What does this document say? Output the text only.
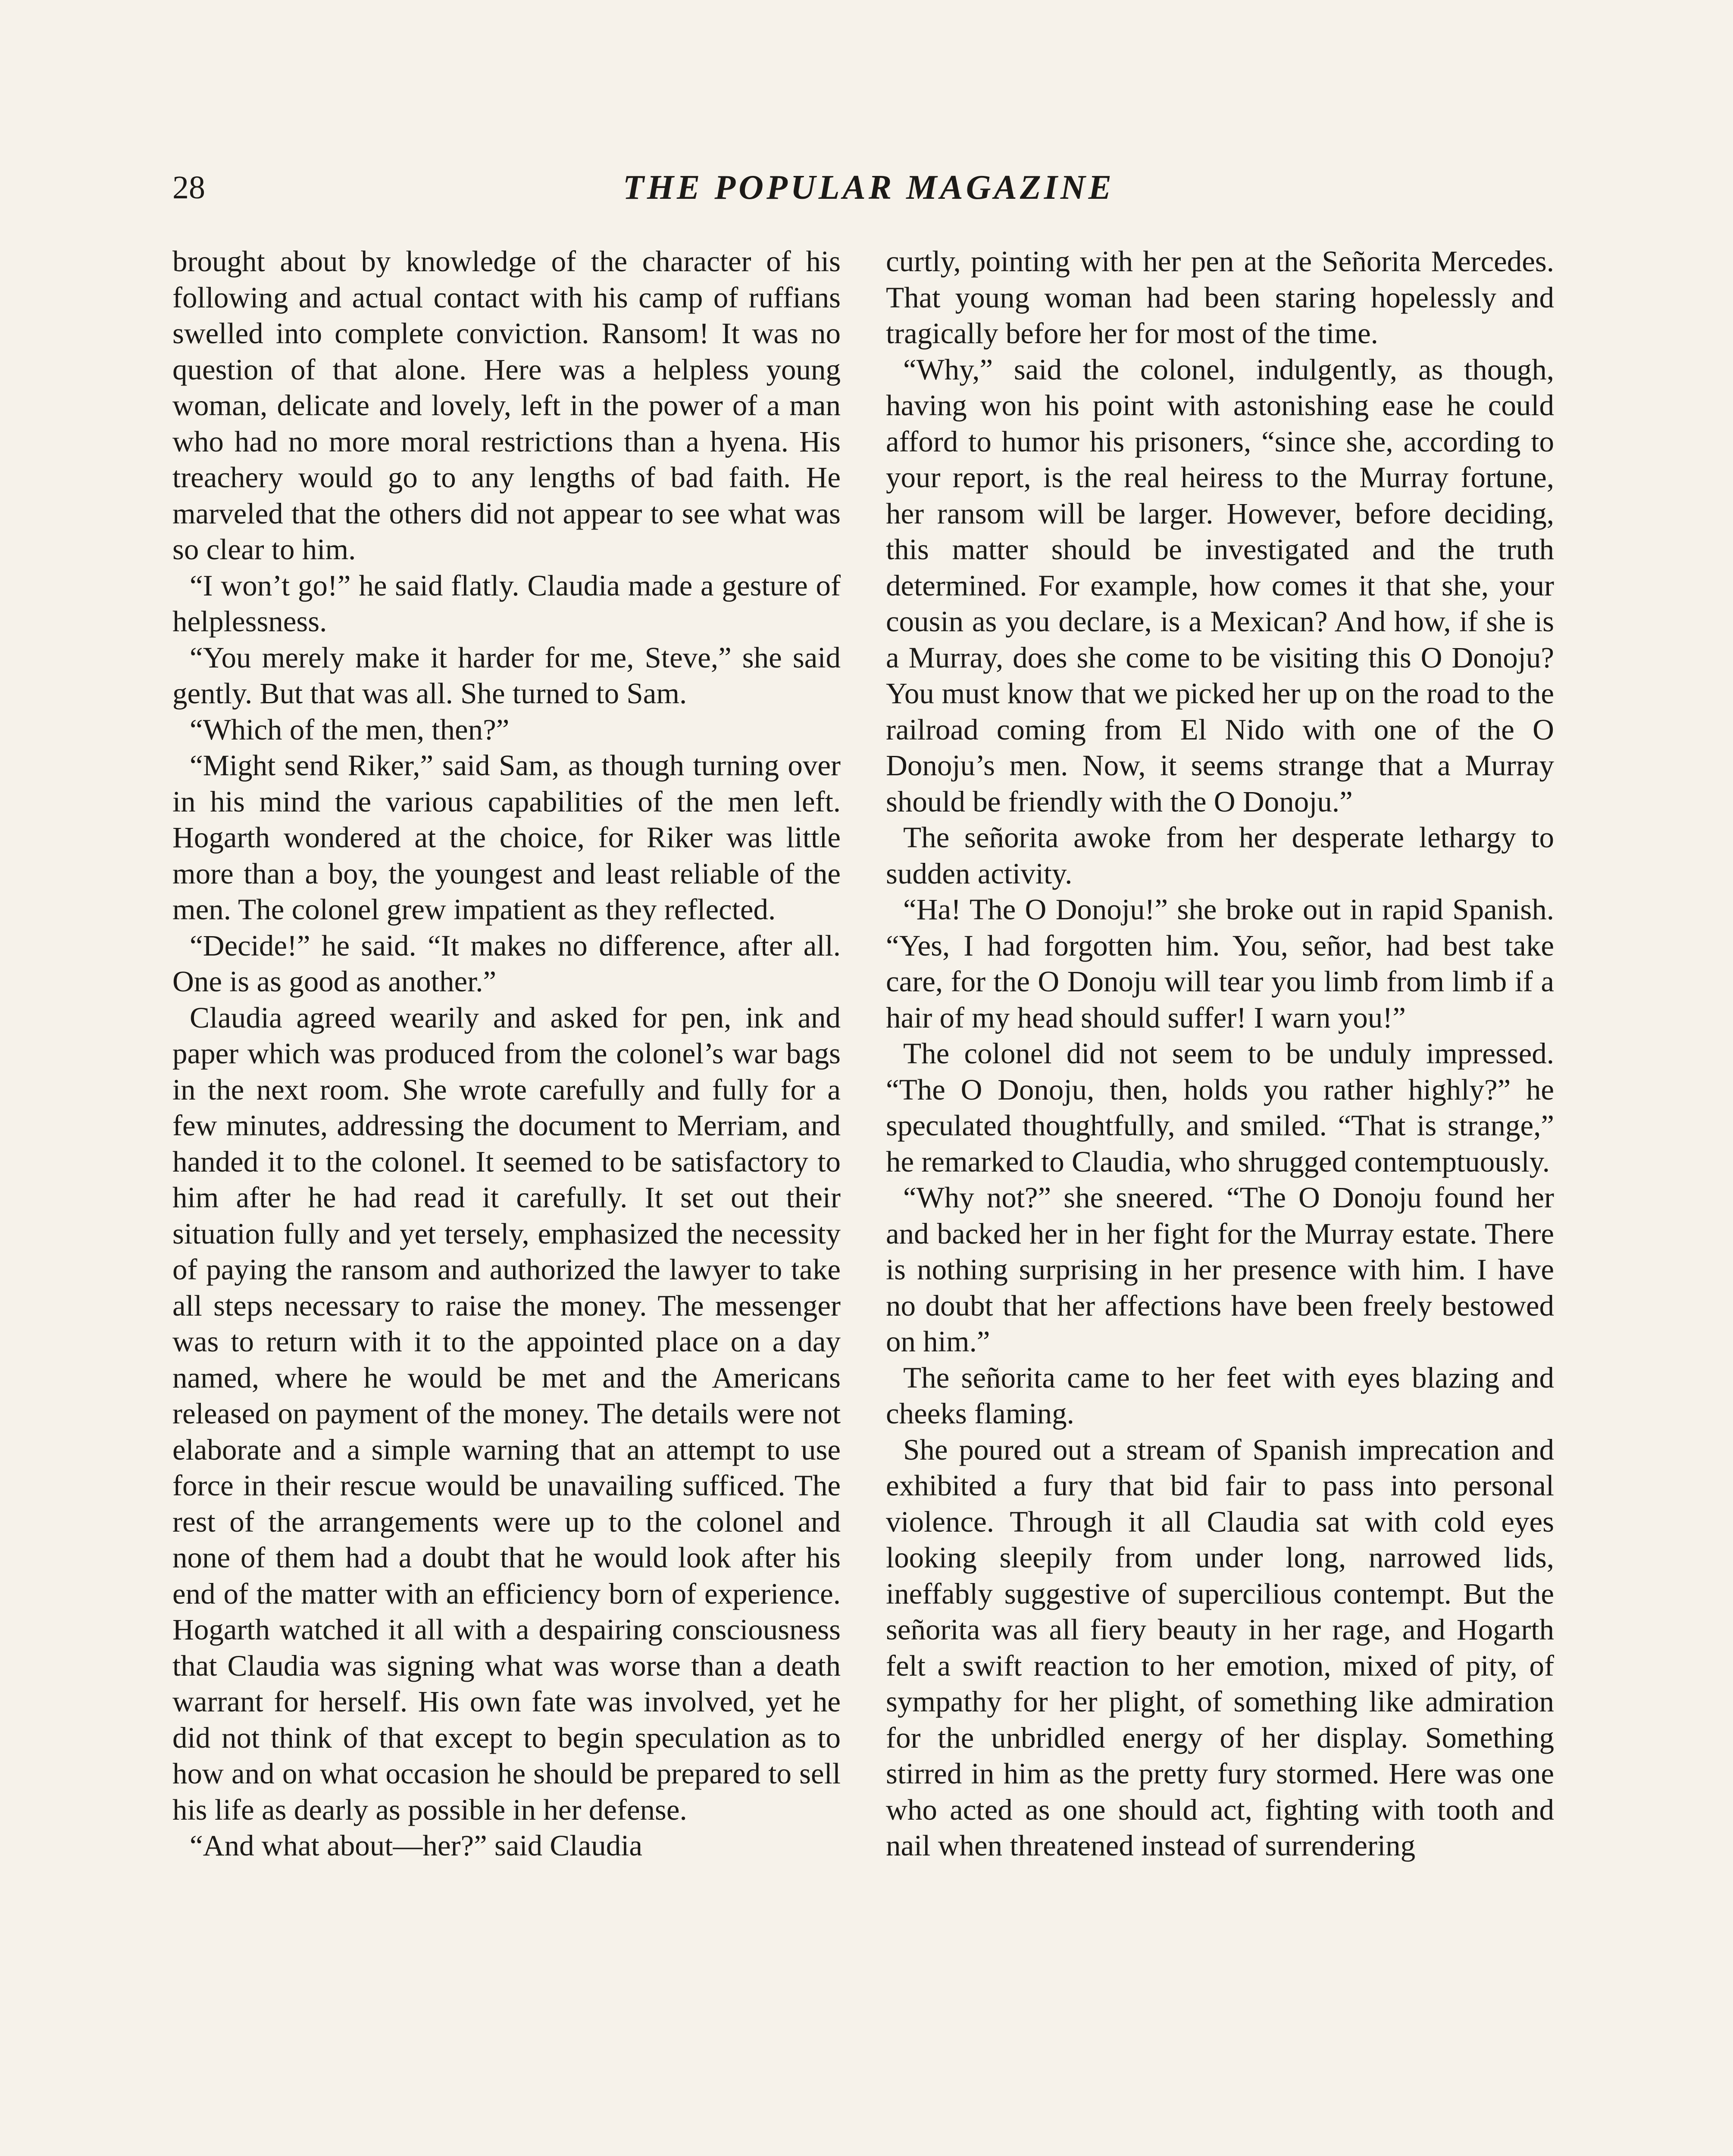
28	THE POPULAR MAGAZINE

brought about by knowledge of the character of his following and actual contact with his camp of ruffians swelled into complete conviction. Ransom! It was no question of that alone. Here was a helpless young woman, delicate and lovely, left in the power of a man who had no more moral restrictions than a hyena. His treachery would go to any lengths of bad faith. He marveled that the others did not appear to see what was so clear to him.

“I won’t go!” he said flatly. Claudia made a gesture of helplessness.

“You merely make it harder for me, Steve,” she said gently. But that was all. She turned to Sam.

“Which of the men, then?”

“Might send Riker,” said Sam, as though turning over in his mind the various capabilities of the men left. Hogarth wondered at the choice, for Riker was little more than a boy, the youngest and least reliable of the men. The colonel grew impatient as they reflected.

“Decide!” he said. “It makes no difference, after all. One is as good as another.”

Claudia agreed wearily and asked for pen, ink and paper which was produced from the colonel’s war bags in the next room. She wrote carefully and fully for a few minutes, addressing the document to Merriam, and handed it to the colonel. It seemed to be satisfactory to him after he had read it carefully. It set out their situation fully and yet tersely, emphasized the necessity of paying the ransom and authorized the lawyer to take all steps necessary to raise the money. The messenger was to return with it to the appointed place on a day named, where he would be met and the Americans released on payment of the money. The details were not elaborate and a simple warning that an attempt to use force in their rescue would be unavailing sufficed. The rest of the arrangements were up to the colonel and none of them had a doubt that he would look after his end of the matter with an efficiency born of experience. Hogarth watched it all with a despairing consciousness that Claudia was signing what was worse than a death warrant for herself. His own fate was involved, yet he did not think of that except to begin speculation as to how and on what occasion he should be prepared to sell his life as dearly as possible in her defense.

“And what about—her?” said Claudia

curtly, pointing with her pen at the Señorita Mercedes. That young woman had been staring hopelessly and tragically before her for most of the time.

“Why,” said the colonel, indulgently, as though, having won his point with astonishing ease he could afford to humor his prisoners, “since she, according to your report, is the real heiress to the Murray fortune, her ransom will be larger. However, before deciding, this matter should be investigated and the truth determined. For example, how comes it that she, your cousin as you declare, is a Mexican? And how, if she is a Murray, does she come to be visiting this O Donoju? You must know that we picked her up on the road to the railroad coming from El Nido with one of the O Donoju’s men. Now, it seems strange that a Murray should be friendly with the O Donoju.”

The señorita awoke from her desperate lethargy to sudden activity.

“Ha! The O Donoju!” she broke out in rapid Spanish. “Yes, I had forgotten him. You, señor, had best take care, for the O Donoju will tear you limb from limb if a hair of my head should suffer! I warn you!”

The colonel did not seem to be unduly impressed. “The O Donoju, then, holds you rather highly?” he speculated thoughtfully, and smiled. “That is strange,” he remarked to Claudia, who shrugged contemptuously.

“Why not?” she sneered. “The O Donoju found her and backed her in her fight for the Murray estate. There is nothing surprising in her presence with him. I have no doubt that her affections have been freely bestowed on him.”

The señorita came to her feet with eyes blazing and cheeks flaming.

She poured out a stream of Spanish imprecation and exhibited a fury that bid fair to pass into personal violence. Through it all Claudia sat with cold eyes looking sleepily from under long, narrowed lids, ineffably suggestive of supercilious contempt. But the señorita was all fiery beauty in her rage, and Hogarth felt a swift reaction to her emotion, mixed of pity, of sympathy for her plight, of something like admiration for the unbridled energy of her display. Something stirred in him as the pretty fury stormed. Here was one who acted as one should act, fighting with tooth and nail when threatened instead of surrendering
